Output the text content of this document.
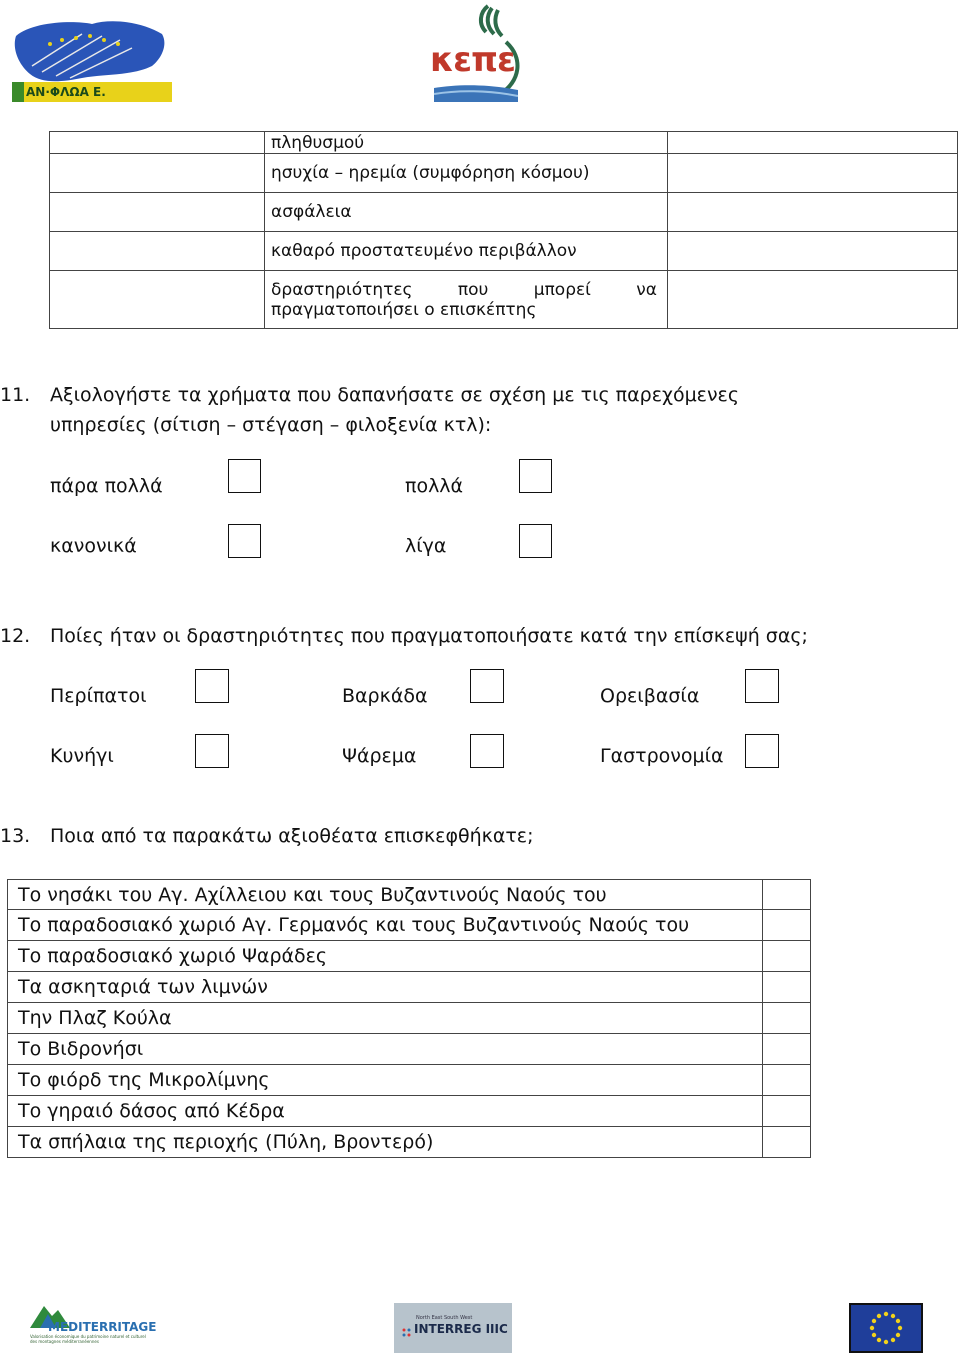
ΑΝ·ΦΛΩΑ Ε.
κεπε
	πληθυσμού	
	ησυχία – ηρεμία (συμφόρηση κόσμου)	
	ασφάλεια	
	καθαρό προστατευμένο περιβάλλον	

	δραστηριότητες που μπορεί να
πραγματοποιήσει ο επισκέπτης	

11. Αξιολογήστε τα χρήματα που δαπανήσατε σε σχέση με τις παρεχόμενες
υπηρεσίες (σίτιση – στέγαση – φιλοξενία κτλ):
πάρα πολλά	πολλά
κανονικά	λίγα
12. Ποίες ήταν οι δραστηριότητες που πραγματοποιήσατε κατά την επίσκεψή σας;
Περίπατοι	Βαρκάδα	Ορειβασία
Κυνήγι	Ψάρεμα	Γαστρονομία
13. Ποια από τα παρακάτω αξιοθέατα επισκεφθήκατε;
Το νησάκι του Αγ. Αχίλλειου και τους Βυζαντινούς Ναούς του	
Το παραδοσιακό χωριό Αγ. Γερμανός και τους Βυζαντινούς Ναούς του	
Το παραδοσιακό χωριό Ψαράδες	
Τα ασκηταριά των λιμνών	
Την Πλαζ Κούλα	
Το Βιδρονήσι	
Το φιόρδ της Μικρολίμνης	
Το γηραιό δάσος από Κέδρα	
Τα σπήλαια της περιοχής (Πύλη, Βροντερό)	
MEDITERRITAGE
Valorisation économique du patrimoine naturel et culturel
des montagnes méditerranéennes
North East South West
INTERREG IIIC
